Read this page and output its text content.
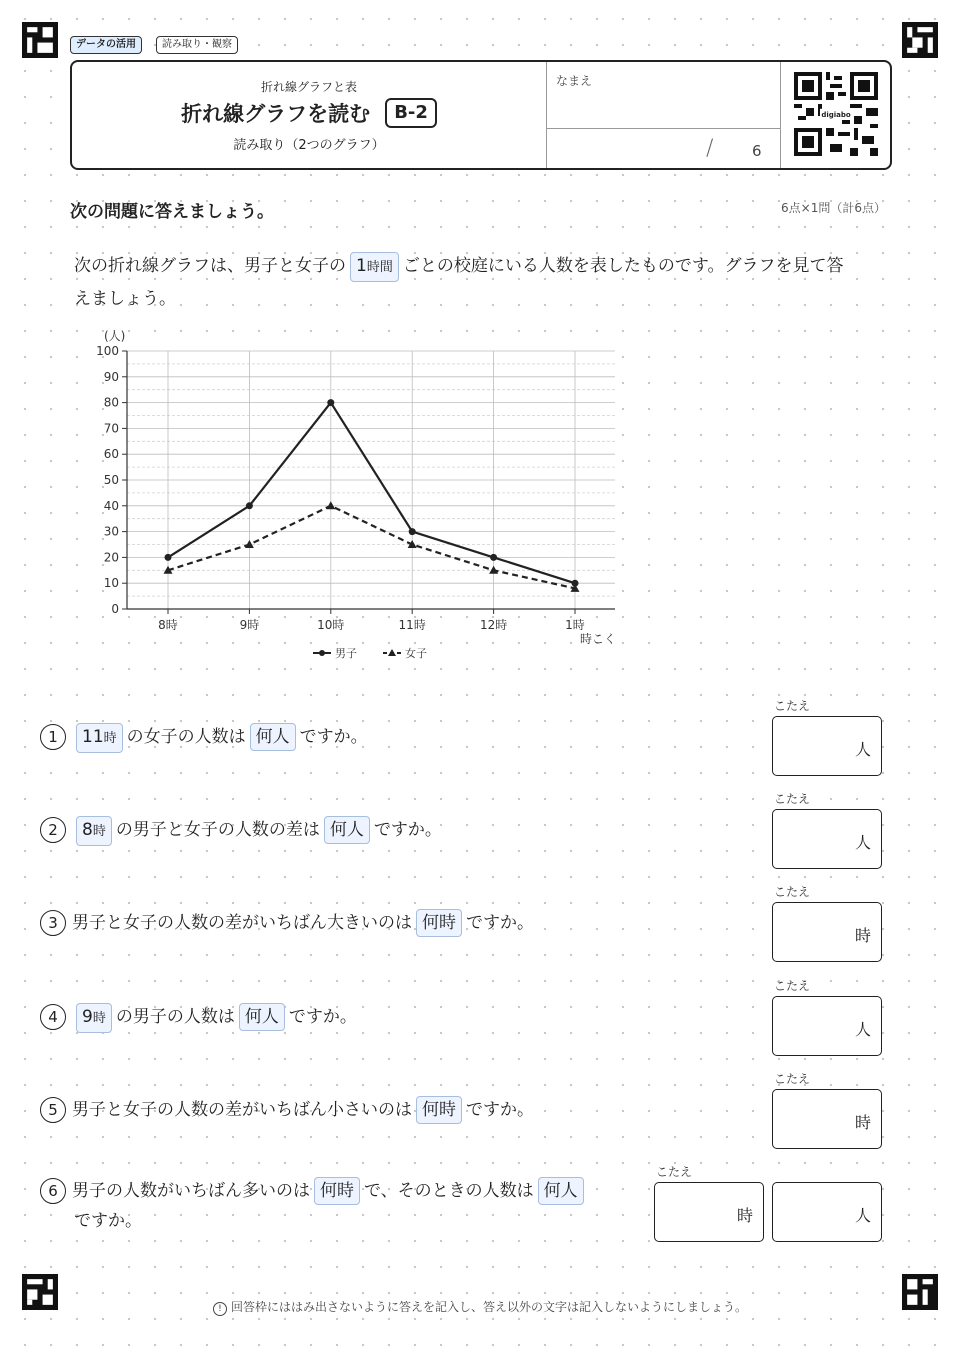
データの活用	読み取り・観察
折れ線グラフと表
折れ線グラフを読む B-2
読み取り（2つのグラフ）
なまえ
/	6
digiabo
次の問題に答えましょう。	6点×1問（計6点）
次の折れ線グラフは、男子と女子の 1時間 ごとの校庭にいる人数を表したものです。グラフを見て答
えましょう。
0
10
20
30
40
50
60
70
80
90
100
8時	9時	10時	11時	12時	1時
(人)
時こく
男子	女子
1 11時 の女子の人数は 何人 ですか。
こたえ
人
2 8時 の男子と女子の人数の差は 何人 ですか。
こたえ
人
3 男子と女子の人数の差がいちばん大きいのは 何時 ですか。
こたえ
時
4 9時 の男子の人数は 何人 ですか。
こたえ
人
5 男子と女子の人数の差がいちばん小さいのは 何時 ですか。
こたえ
時
6 男子の人数がいちばん多いのは 何時 で、そのときの人数は 何人
ですか。
こたえ
時	人
! 回答枠にははみ出さないように答えを記入し、答え以外の文字は記入しないようにしましょう。
